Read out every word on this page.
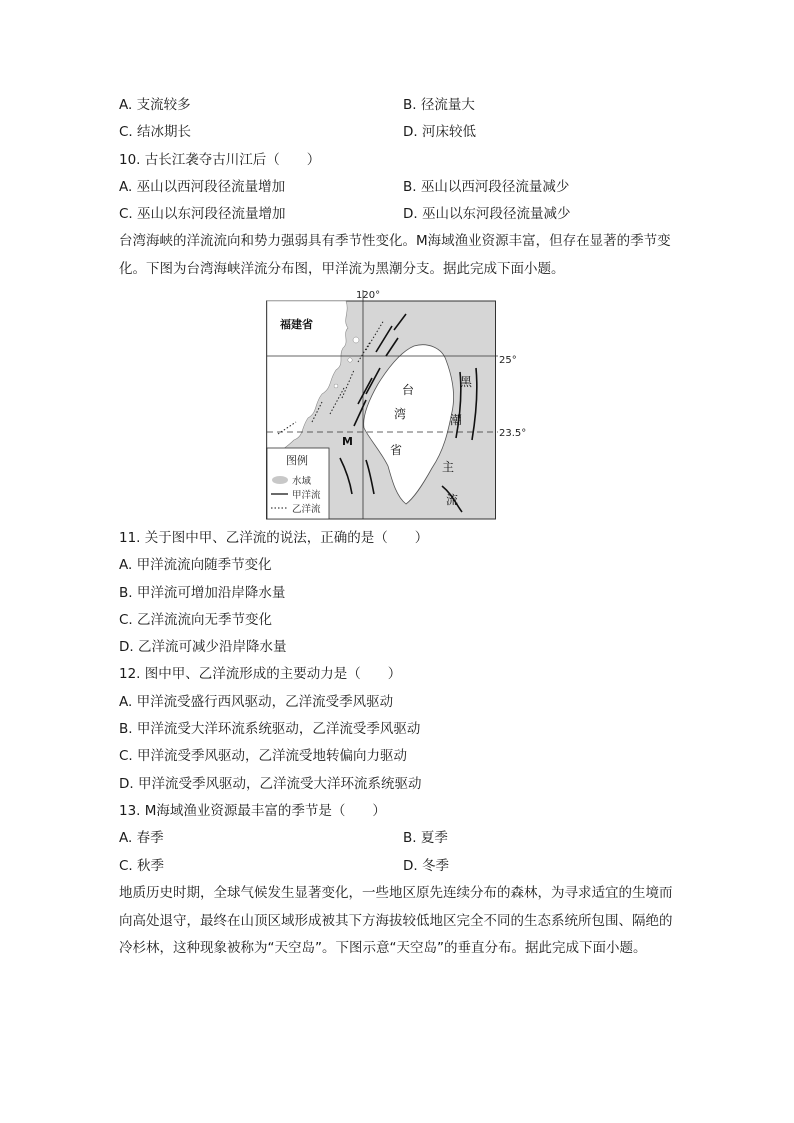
A. 支流较多	B. 径流量大
C. 结冰期长	D. 河床较低
10. 古长江袭夺古川江后（　　）
A. 巫山以西河段径流量增加	B. 巫山以西河段径流量减少
C. 巫山以东河段径流量增加	D. 巫山以东河段径流量减少
台湾海峡的洋流流向和势力强弱具有季节性变化。M海域渔业资源丰富，但存在显著的季节变化。下图为台湾海峡洋流分布图，甲洋流为黑潮分支。据此完成下面小题。
120°
25°
23.5°
福建省
台
湾
省
黑
潮
主
流
M
图例
水域
甲洋流
乙洋流
11. 关于图中甲、乙洋流的说法，正确的是（　　）
A. 甲洋流流向随季节变化
B. 甲洋流可增加沿岸降水量
C. 乙洋流流向无季节变化
D. 乙洋流可减少沿岸降水量
12. 图中甲、乙洋流形成的主要动力是（　　）
A. 甲洋流受盛行西风驱动，乙洋流受季风驱动
B. 甲洋流受大洋环流系统驱动，乙洋流受季风驱动
C. 甲洋流受季风驱动，乙洋流受地转偏向力驱动
D. 甲洋流受季风驱动，乙洋流受大洋环流系统驱动
13. M海域渔业资源最丰富的季节是（　　）
A. 春季	B. 夏季
C. 秋季	D. 冬季
地质历史时期，全球气候发生显著变化，一些地区原先连续分布的森林，为寻求适宜的生境而向高处退守，最终在山顶区域形成被其下方海拔较低地区完全不同的生态系统所包围、隔绝的冷杉林，这种现象被称为“天空岛”。下图示意“天空岛”的垂直分布。据此完成下面小题。
